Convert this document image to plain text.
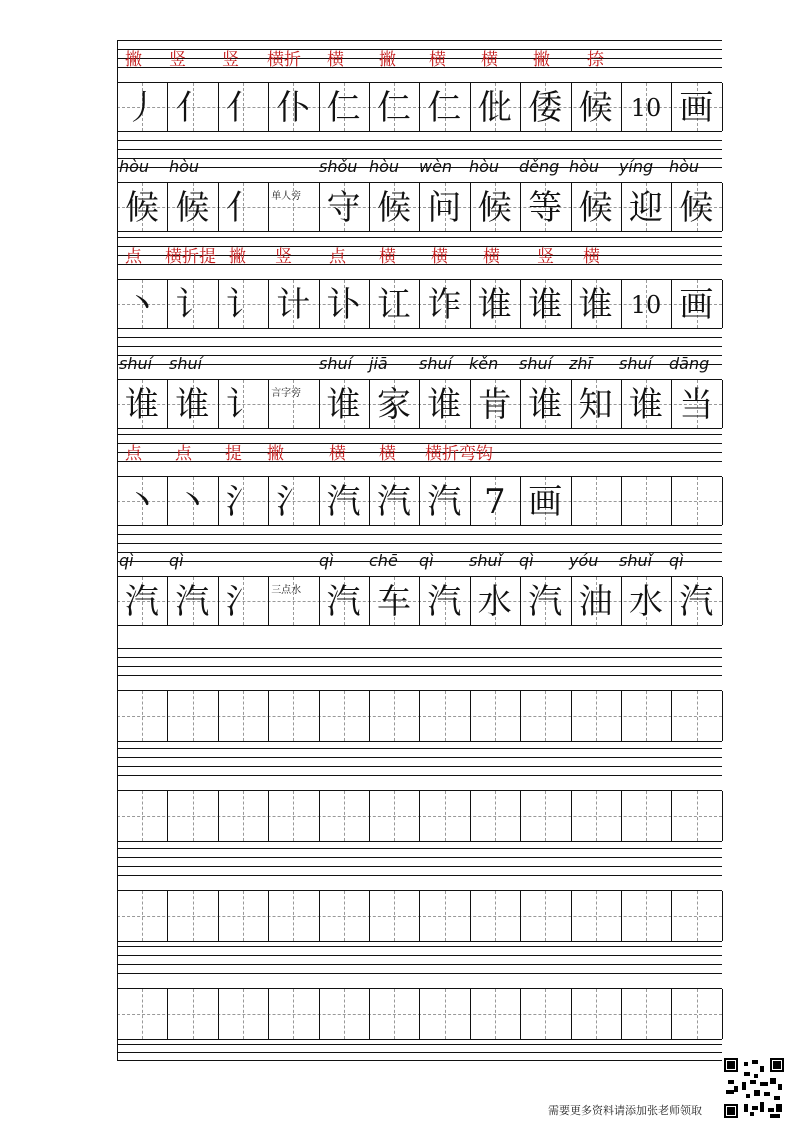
撇 竖 竖 横折 横 撇 横 横 撇 捺
丿 亻 亻 仆 仁 仁 仁 仳 倭 候 10 画
hòu hòu	shǒu hòu wèn hòu děng hòu yíng hòu
候 候 亻	单人旁 守 候 问 候 等 候 迎 候
点 横折提 撇 竖 点 横 横 横 竖 横
丶 讠 讠 计 讣 讧 诈 谁 谁 谁 10 画
shuí shuí	shuí jiā shuí kěn shuí zhī shuí dāng
谁 谁 讠	言字旁 谁 家 谁 肯 谁 知 谁 当
点 点 提 撇	横 横 横折弯钩
丶 丶 氵 氵 汽 汽 汽 7 画
qì qì	qì chē qì shuǐ qì yóu shuǐ qì
汽 汽 氵	三点水 汽 车 汽 水 汽 油 水 汽
需要更多资料请添加张老师领取
